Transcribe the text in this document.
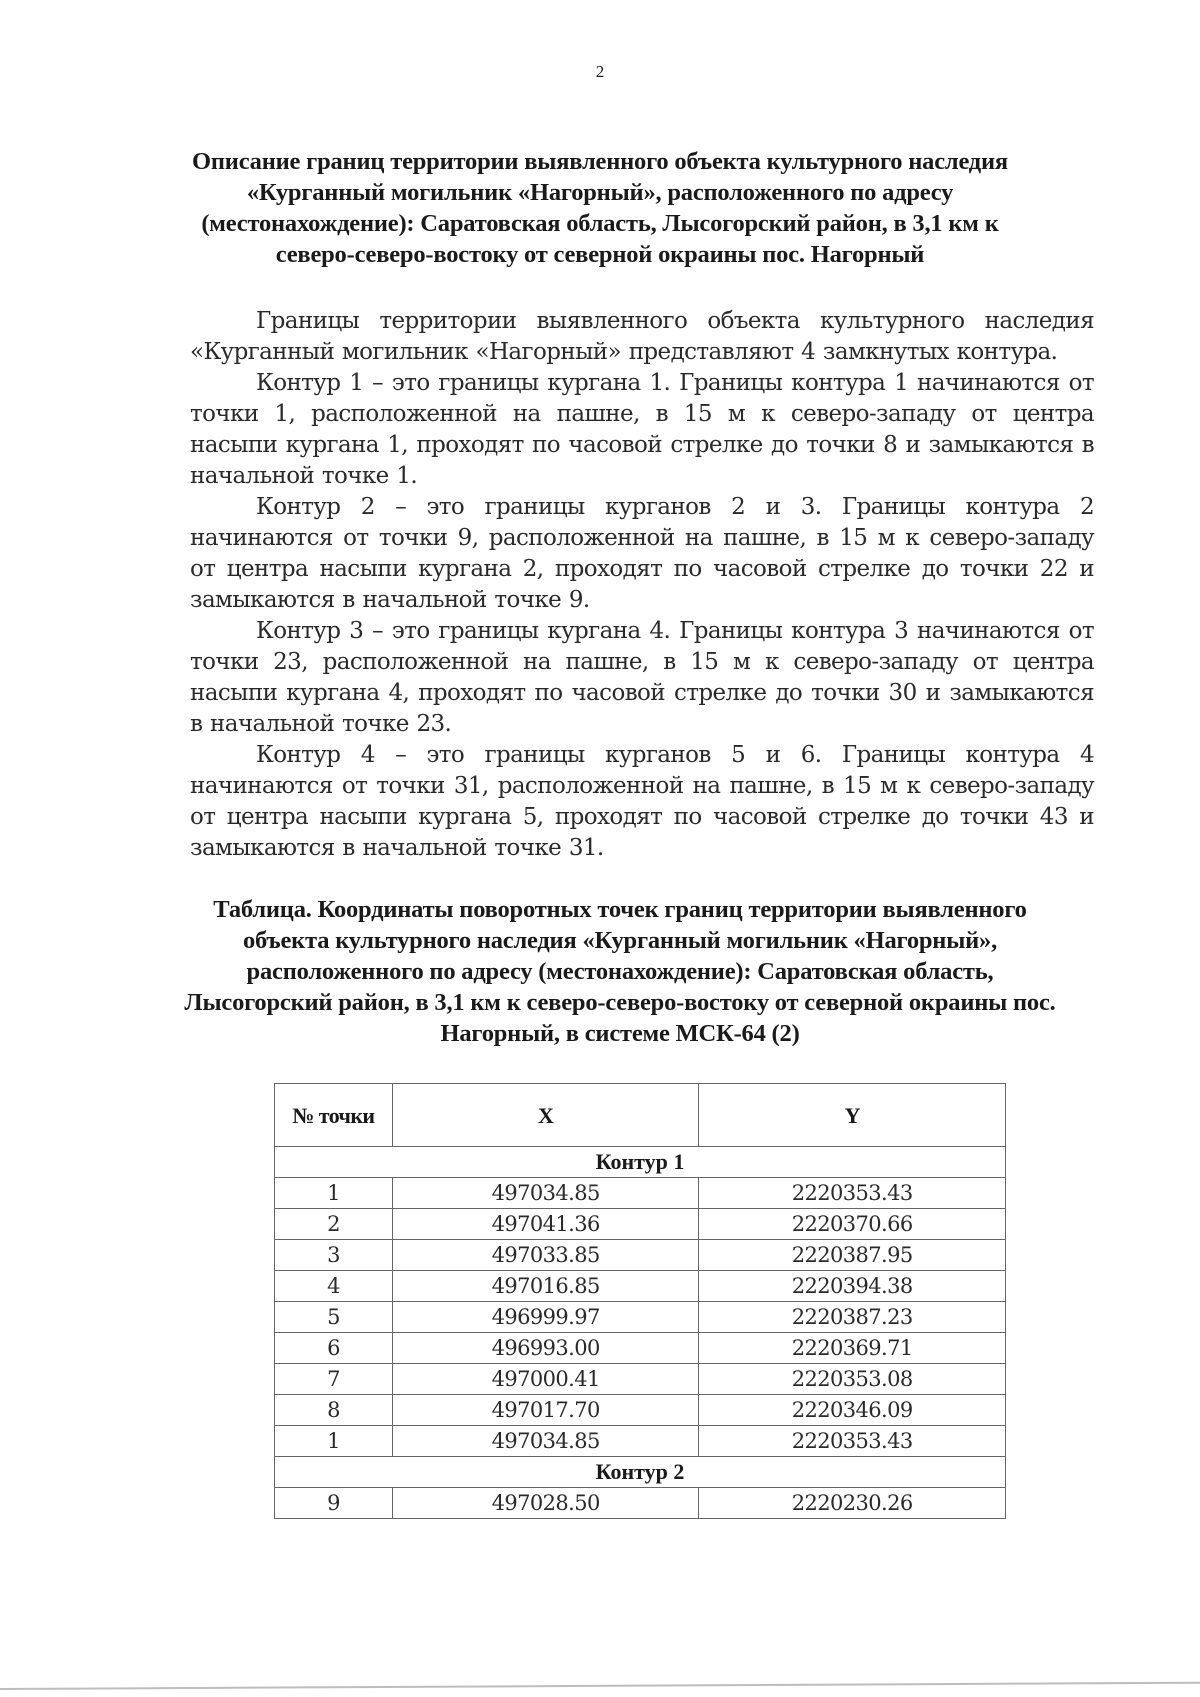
2
Описание границ территории выявленного объекта культурного наследия «Курганный могильник «Нагорный», расположенного по адресу (местонахождение): Саратовская область, Лысогорский район, в 3,1 км к северо-северо-востоку от северной окраины пос. Нагорный

Границы территории выявленного объекта культурного наследия «Курганный могильник «Нагорный» представляют 4 замкнутых контура.

Контур 1 – это границы кургана 1. Границы контура 1 начинаются от точки 1, расположенной на пашне, в 15 м к северо-западу от центра насыпи кургана 1, проходят по часовой стрелке до точки 8 и замыкаются в начальной точке 1.

Контур 2 – это границы курганов 2 и 3. Границы контура 2 начинаются от точки 9, расположенной на пашне, в 15 м к северо-западу от центра насыпи кургана 2, проходят по часовой стрелке до точки 22 и замыкаются в начальной точке 9.

Контур 3 – это границы кургана 4. Границы контура 3 начинаются от точки 23, расположенной на пашне, в 15 м к северо-западу от центра насыпи кургана 4, проходят по часовой стрелке до точки 30 и замыкаются в начальной точке 23.

Контур 4 – это границы курганов 5 и 6. Границы контура 4 начинаются от точки 31, расположенной на пашне, в 15 м к северо-западу от центра насыпи кургана 5, проходят по часовой стрелке до точки 43 и замыкаются в начальной точке 31.

Таблица. Координаты поворотных точек границ территории выявленного объекта культурного наследия «Курганный могильник «Нагорный», расположенного по адресу (местонахождение): Саратовская область, Лысогорский район, в 3,1 км к северо-северо-востоку от северной окраины пос. Нагорный, в системе МСК-64 (2)
№ точки	X	Y
Контур 1		
1	497034.85	2220353.43
2	497041.36	2220370.66
3	497033.85	2220387.95
4	497016.85	2220394.38
5	496999.97	2220387.23
6	496993.00	2220369.71
7	497000.41	2220353.08
8	497017.70	2220346.09
1	497034.85	2220353.43
Контур 2		
9	497028.50	2220230.26
